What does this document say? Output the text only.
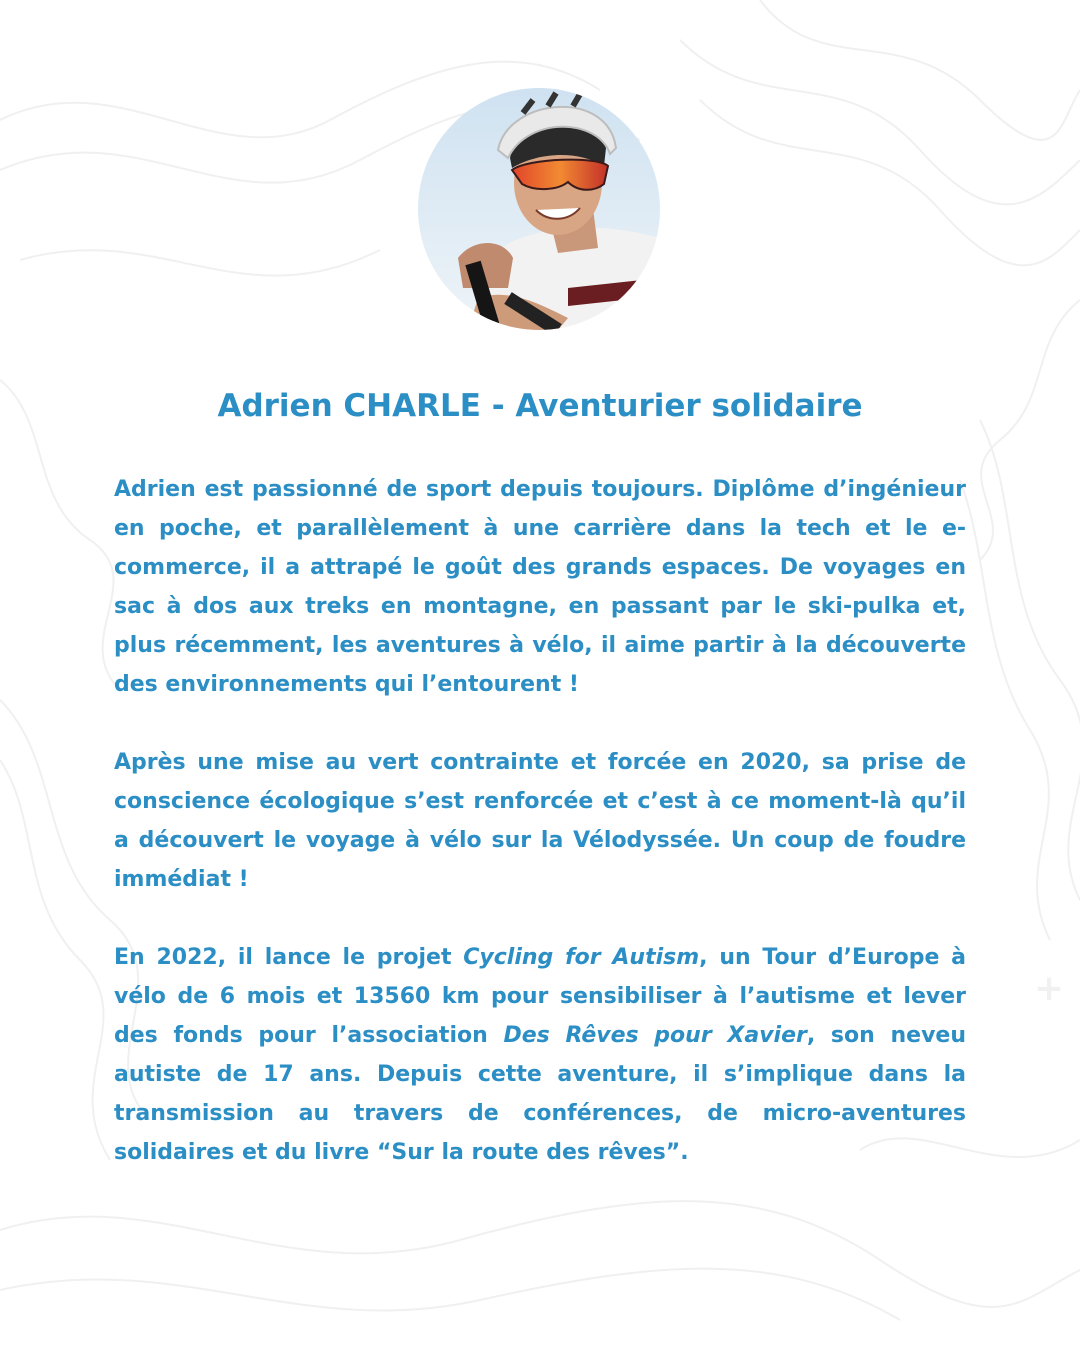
Adrien CHARLE - Aventurier solidaire

Adrien est passionné de sport depuis toujours. Diplôme d’ingénieur en poche, et parallèlement à une carrière dans la tech et le e-commerce, il a attrapé le goût des grands espaces. De voyages en sac à dos aux treks en montagne, en passant par le ski-pulka et, plus récemment, les aventures à vélo, il aime partir à la découverte des environnements qui l’entourent !

Après une mise au vert contrainte et forcée en 2020, sa prise de conscience écologique s’est renforcée et c’est à ce moment-là qu’il a découvert le voyage à vélo sur la Vélodyssée. Un coup de foudre immédiat !

En 2022, il lance le projet Cycling for Autism, un Tour d’Europe à vélo de 6 mois et 13560 km pour sensibiliser à l’autisme et lever des fonds pour l’association Des Rêves pour Xavier, son neveu autiste de 17 ans. Depuis cette aventure, il s’implique dans la transmission au travers de conférences, de micro-aventures solidaires et du livre “Sur la route des rêves”.

+
